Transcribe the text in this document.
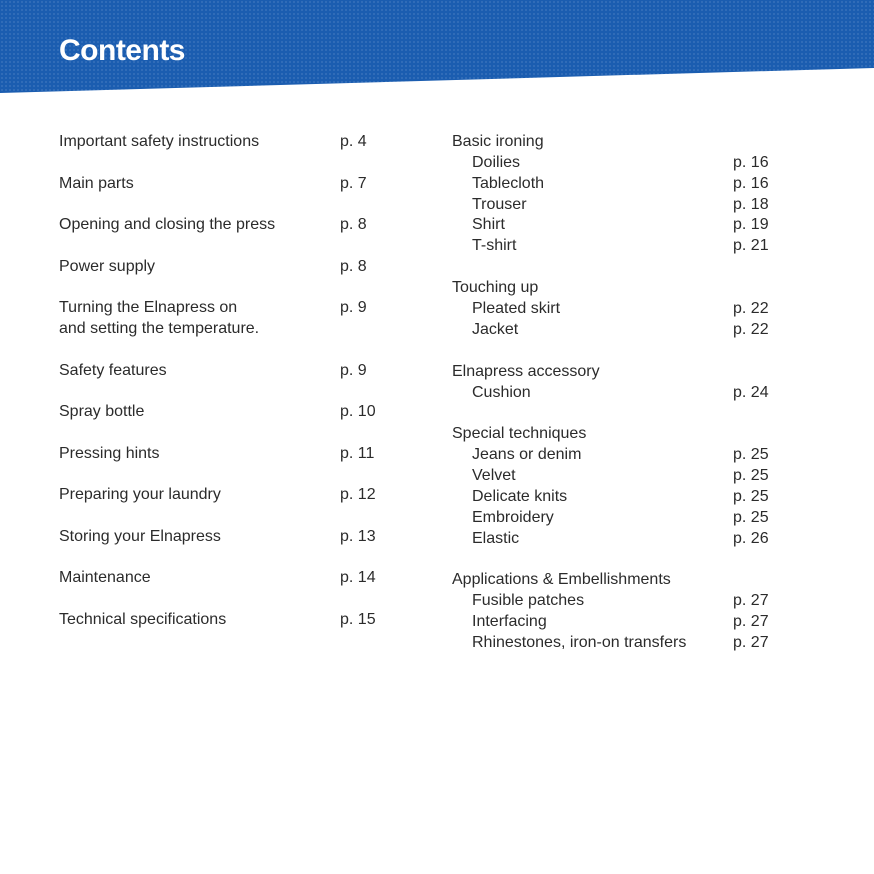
Contents
Important safety instructions	p. 4
Main parts	p. 7
Opening and closing the press	p. 8
Power supply	p. 8
Turning the Elnapress on
and setting the temperature.
p. 9
Safety features	p. 9
Spray bottle	p. 10
Pressing hints	p. 11
Preparing your laundry	p. 12
Storing your Elnapress	p. 13
Maintenance	p. 14
Technical specifications	p. 15
Basic ironing
Doilies	p. 16
Tablecloth	p. 16
Trouser	p. 18
Shirt	p. 19
T-shirt	p. 21
Touching up
Pleated skirt	p. 22
Jacket	p. 22
Elnapress accessory
Cushion	p. 24
Special techniques
Jeans or denim	p. 25
Velvet	p. 25
Delicate knits	p. 25
Embroidery	p. 25
Elastic	p. 26
Applications & Embellishments
Fusible patches	p. 27
Interfacing	p. 27
Rhinestones, iron-on transfers	p. 27
